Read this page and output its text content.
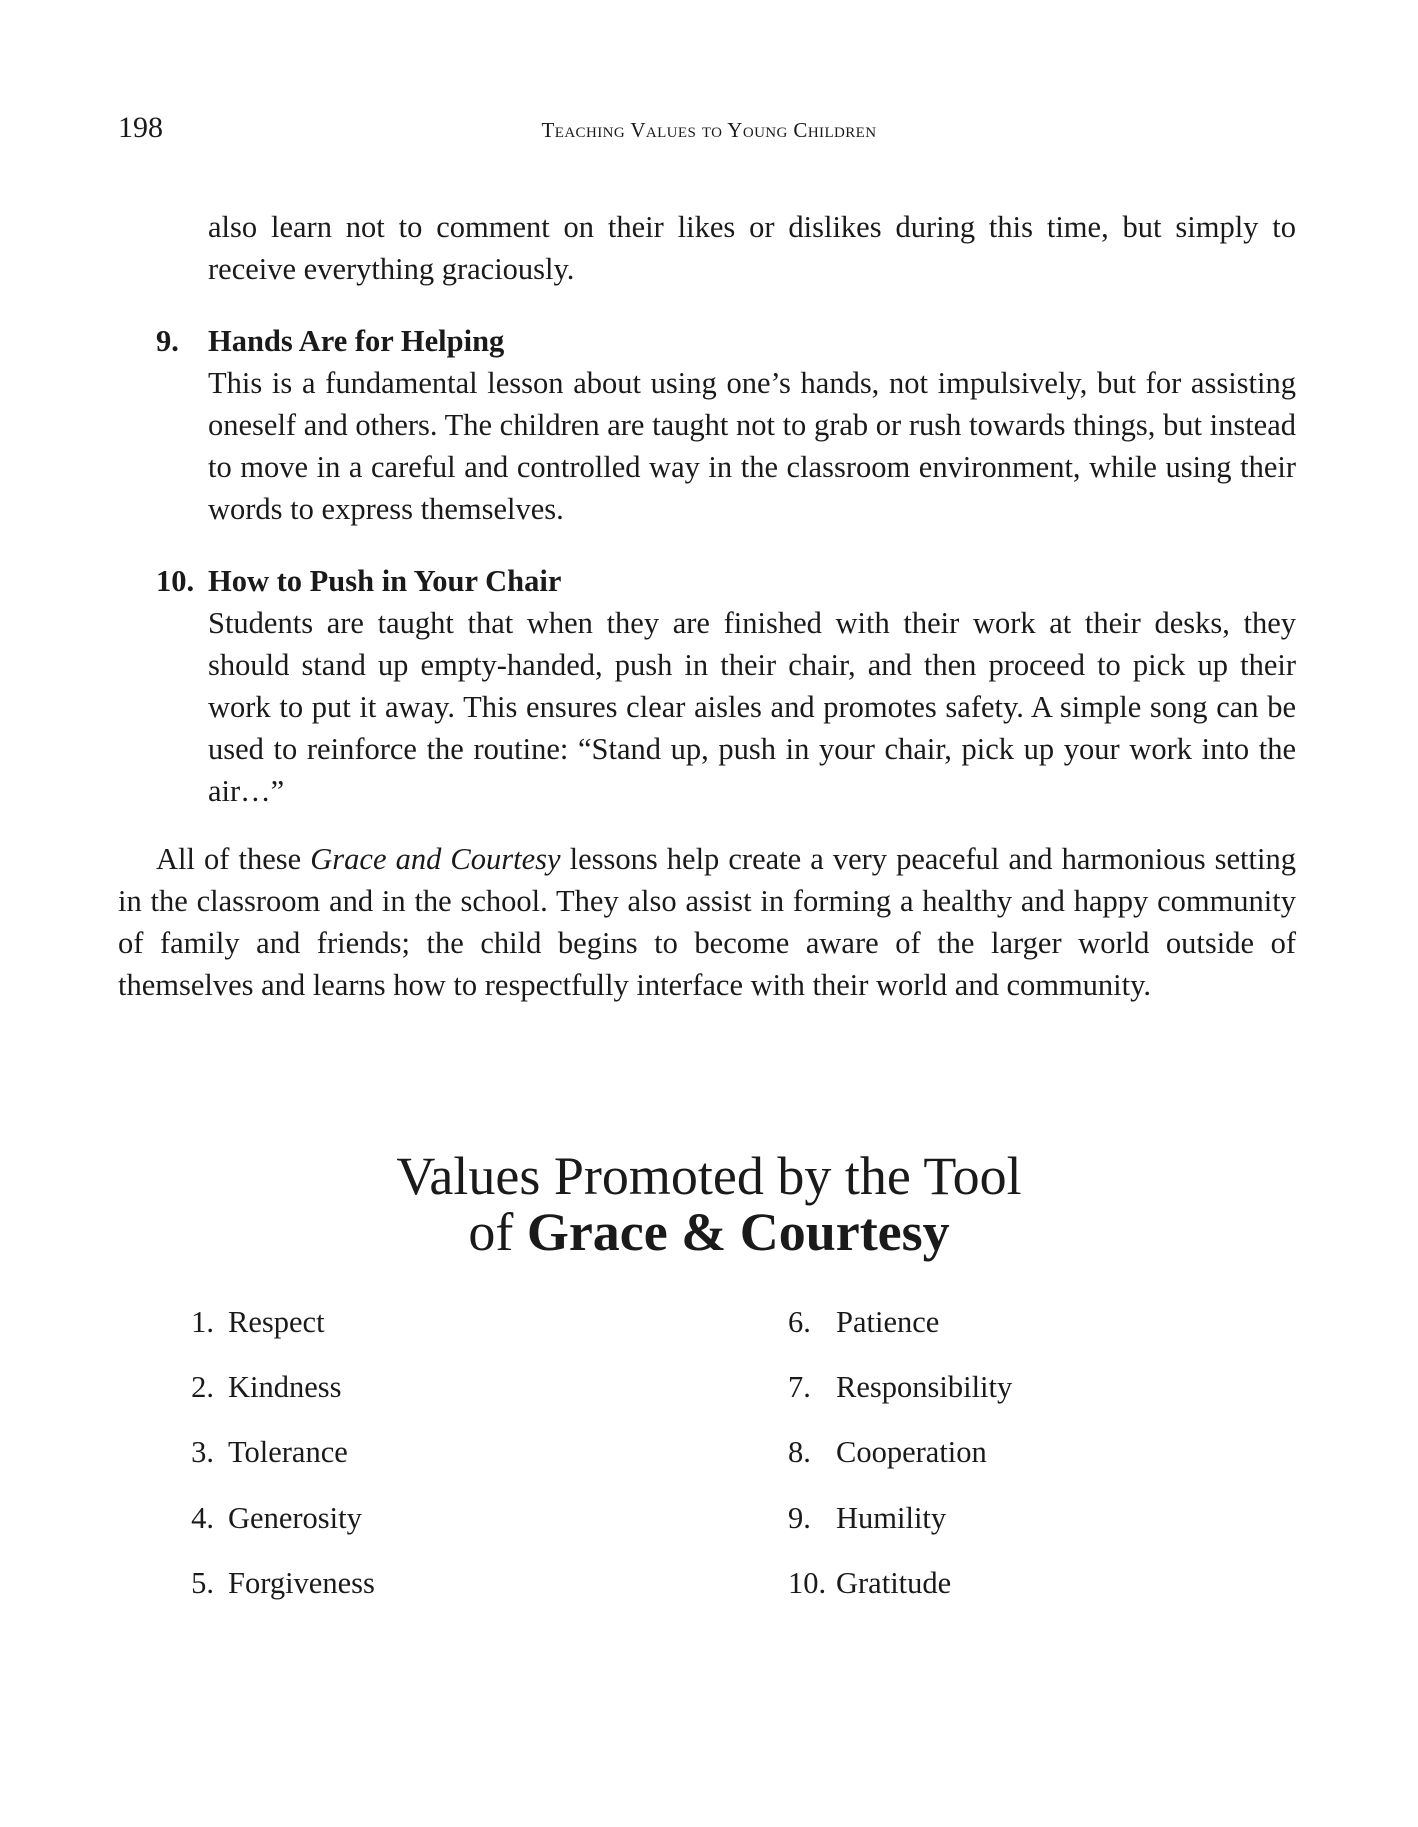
198	Teaching Values to Young Children
also learn not to comment on their likes or dislikes during this time, but simply to receive everything graciously.
9. Hands Are for Helping
This is a fundamental lesson about using one’s hands, not impulsively, but for assisting oneself and others. The children are taught not to grab or rush towards things, but instead to move in a careful and controlled way in the classroom environment, while using their words to express themselves.
10. How to Push in Your Chair
Students are taught that when they are finished with their work at their desks, they should stand up empty-handed, push in their chair, and then proceed to pick up their work to put it away. This ensures clear aisles and promotes safety. A simple song can be used to reinforce the routine: “Stand up, push in your chair, pick up your work into the air…”
All of these Grace and Courtesy lessons help create a very peaceful and harmonious setting in the classroom and in the school. They also assist in forming a healthy and happy community of family and friends; the child begins to become aware of the larger world outside of themselves and learns how to respectfully interface with their world and community.
Values Promoted by the Tool
of Grace & Courtesy
1. Respect
2. Kindness
3. Tolerance
4. Generosity
5. Forgiveness
6. Patience
7. Responsibility
8. Cooperation
9. Humility
10. Gratitude
